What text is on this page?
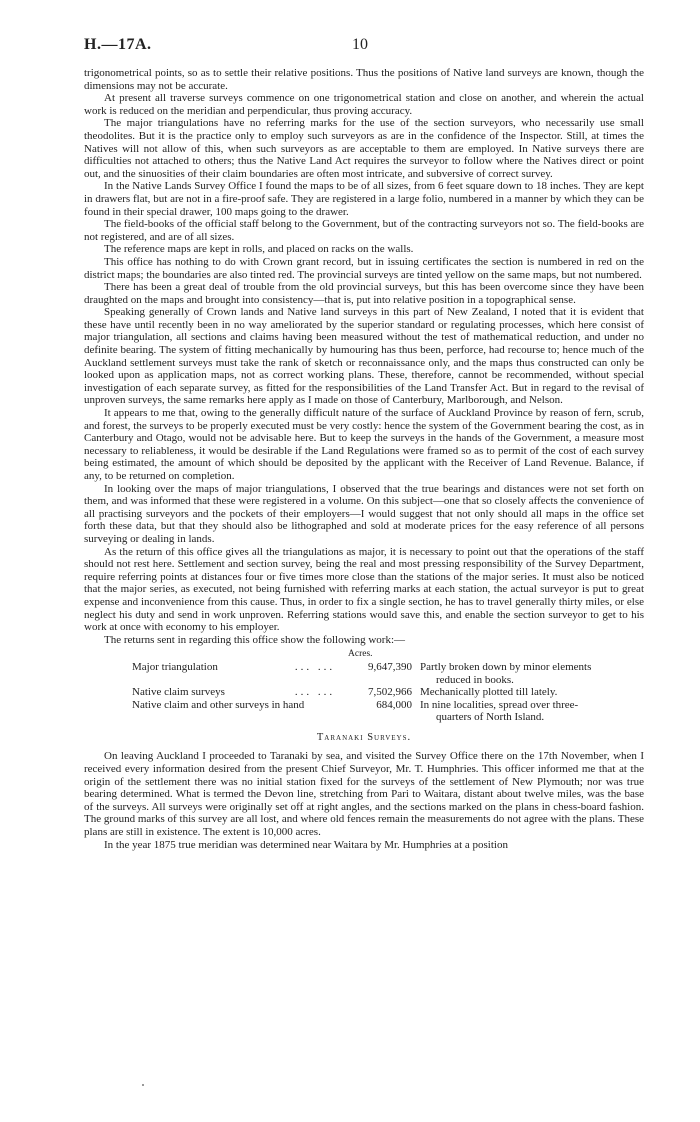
H.—17A.	10

trigonometrical points, so as to settle their relative positions. Thus the positions of Native land surveys are known, though the dimensions may not be accurate.

At present all traverse surveys commence on one trigonometrical station and close on another, and wherein the actual work is reduced on the meridian and perpendicular, thus proving accuracy.

The major triangulations have no referring marks for the use of the section surveyors, who necessarily use small theodolites. But it is the practice only to employ such surveyors as are in the confidence of the Inspector. Still, at times the Natives will not allow of this, when such surveyors as are acceptable to them are employed. In Native surveys there are difficulties not attached to others; thus the Native Land Act requires the surveyor to follow where the Natives direct or point out, and the sinuosities of their claim boundaries are often most intricate, and subversive of correct survey.

In the Native Lands Survey Office I found the maps to be of all sizes, from 6 feet square down to 18 inches. They are kept in drawers flat, but are not in a fire-proof safe. They are registered in a large folio, numbered in a manner by which they can be found in their special drawer, 100 maps going to the drawer.

The field-books of the official staff belong to the Government, but of the contracting surveyors not so. The field-books are not registered, and are of all sizes.

The reference maps are kept in rolls, and placed on racks on the walls.

This office has nothing to do with Crown grant record, but in issuing certificates the section is numbered in red on the district maps; the boundaries are also tinted red. The provincial surveys are tinted yellow on the same maps, but not numbered.

There has been a great deal of trouble from the old provincial surveys, but this has been overcome since they have been draughted on the maps and brought into consistency—that is, put into relative position in a topographical sense.

Speaking generally of Crown lands and Native land surveys in this part of New Zealand, I noted that it is evident that these have until recently been in no way ameliorated by the superior standard or regulating processes, which here consist of major triangulation, all sections and claims having been measured without the test of mathematical reduction, and under no definite bearing. The system of fitting mechanically by humouring has thus been, perforce, had recourse to; hence much of the Auckland settlement surveys must take the rank of sketch or reconnaissance only, and the maps thus constructed can only be looked upon as application maps, not as correct working plans. These, therefore, cannot be recommended, without special investigation of each separate survey, as fitted for the responsibilities of the Land Transfer Act. But in regard to the revisal of unproven surveys, the same remarks here apply as I made on those of Canterbury, Marlborough, and Nelson.

It appears to me that, owing to the generally difficult nature of the surface of Auckland Province by reason of fern, scrub, and forest, the surveys to be properly executed must be very costly: hence the system of the Government bearing the cost, as in Canterbury and Otago, would not be advisable here. But to keep the surveys in the hands of the Government, a measure most necessary to reliableness, it would be desirable if the Land Regulations were framed so as to permit of the cost of each survey being estimated, the amount of which should be deposited by the applicant with the Receiver of Land Revenue. Balance, if any, to be returned on completion.

In looking over the maps of major triangulations, I observed that the true bearings and distances were not set forth on them, and was informed that these were registered in a volume. On this subject—one that so closely affects the convenience of all practising surveyors and the pockets of their employers—I would suggest that not only should all maps in the office set forth these data, but that they should also be lithographed and sold at moderate prices for the easy reference of all persons surveying or dealing in lands.

As the return of this office gives all the triangulations as major, it is necessary to point out that the operations of the staff should not rest here. Settlement and section survey, being the real and most pressing responsibility of the Survey Department, require referring points at distances four or five times more close than the stations of the major series. It must also be noticed that the major series, as executed, not being furnished with referring marks at each station, the actual surveyor is put to great expense and inconvenience from this cause. Thus, in order to fix a single section, he has to travel generally thirty miles, or else neglect his duty and send in work unproven. Referring stations would save this, and enable the section surveyor to get to his work at once with economy to his employer.

The returns sent in regarding this office show the following work:—

Acres.
Major triangulation	... ...	9,647,390 Partly broken down by minor elements
reduced in books.
Native claim surveys	... ...	7,502,966 Mechanically plotted till lately.
Native claim and other surveys in hand	684,000 In nine localities, spread over three-
quarters of North Island.
Taranaki Surveys.

On leaving Auckland I proceeded to Taranaki by sea, and visited the Survey Office there on the 17th November, when I received every information desired from the present Chief Surveyor, Mr. T. Humphries. This officer informed me that at the origin of the settlement there was no initial station fixed for the surveys of the settlement of New Plymouth; nor was true bearing determined. What is termed the Devon line, stretching from Pari to Waitara, distant about twelve miles, was the base of the surveys. All surveys were originally set off at right angles, and the sections marked on the plans in chess-board fashion. The ground marks of this survey are all lost, and where old fences remain the measurements do not agree with the plans. These plans are still in existence. The extent is 10,000 acres.

In the year 1875 true meridian was determined near Waitara by Mr. Humphries at a position
